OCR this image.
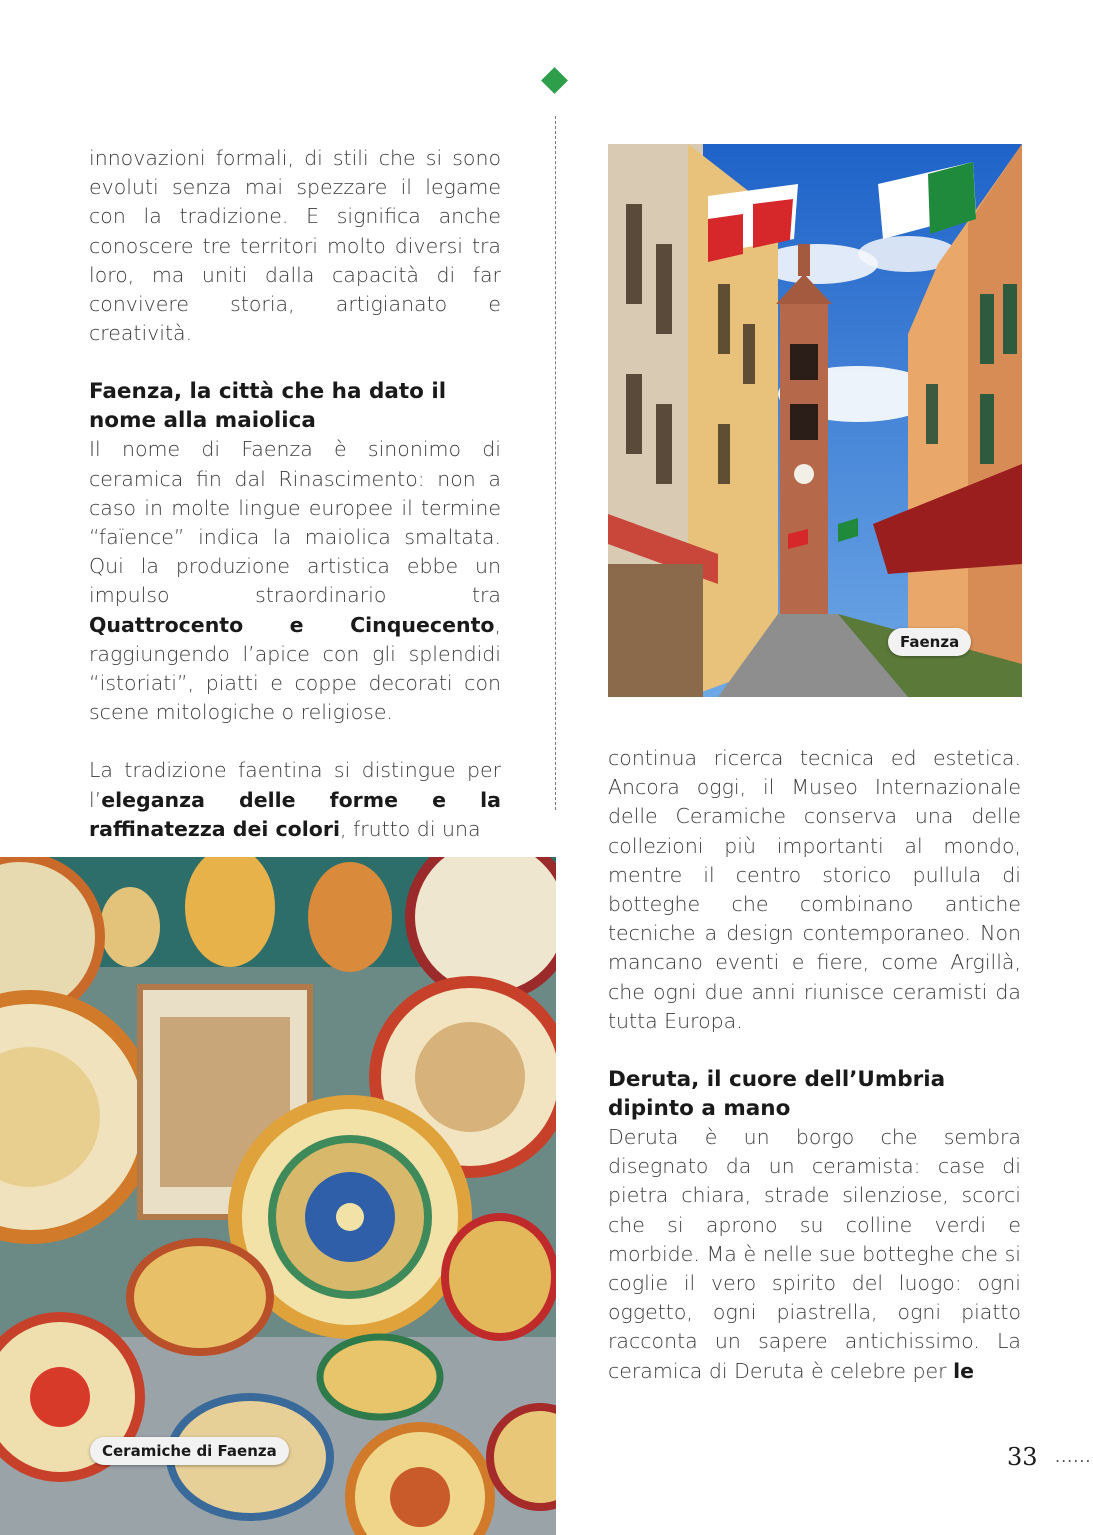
innovazioni formali, di stili che si sono evoluti senza mai spezzare il legame con la tradizione. E significa anche conoscere tre territori molto diversi tra loro, ma uniti dalla capacità di far convivere storia, artigianato e creatività.

Faenza, la città che ha dato il nome alla maiolica

Il nome di Faenza è sinonimo di ceramica fin dal Rinascimento: non a caso in molte lingue europee il termine “faïence” indica la maiolica smaltata. Qui la produzione artistica ebbe un impulso straordinario tra Quattrocento e Cinquecento, raggiungendo l’apice con gli splendidi “istoriati”, piatti e coppe decorati con scene mitologiche o religiose.

La tradizione faentina si distingue per l’eleganza delle forme e la raffinatezza dei colori, frutto di una

Faenza

continua ricerca tecnica ed estetica. Ancora oggi, il Museo Internazionale delle Ceramiche conserva una delle collezioni più importanti al mondo, mentre il centro storico pullula di botteghe che combinano antiche tecniche a design contemporaneo. Non mancano eventi e fiere, come Argillà, che ogni due anni riunisce ceramisti da tutta Europa.

Deruta, il cuore dell’Umbria dipinto a mano

Deruta è un borgo che sembra disegnato da un ceramista: case di pietra chiara, strade silenziose, scorci che si aprono su colline verdi e morbide. Ma è nelle sue botteghe che si coglie il vero spirito del luogo: ogni oggetto, ogni piastrella, ogni piatto racconta un sapere antichissimo. La ceramica di Deruta è celebre per le

Ceramiche di Faenza	33 ......
